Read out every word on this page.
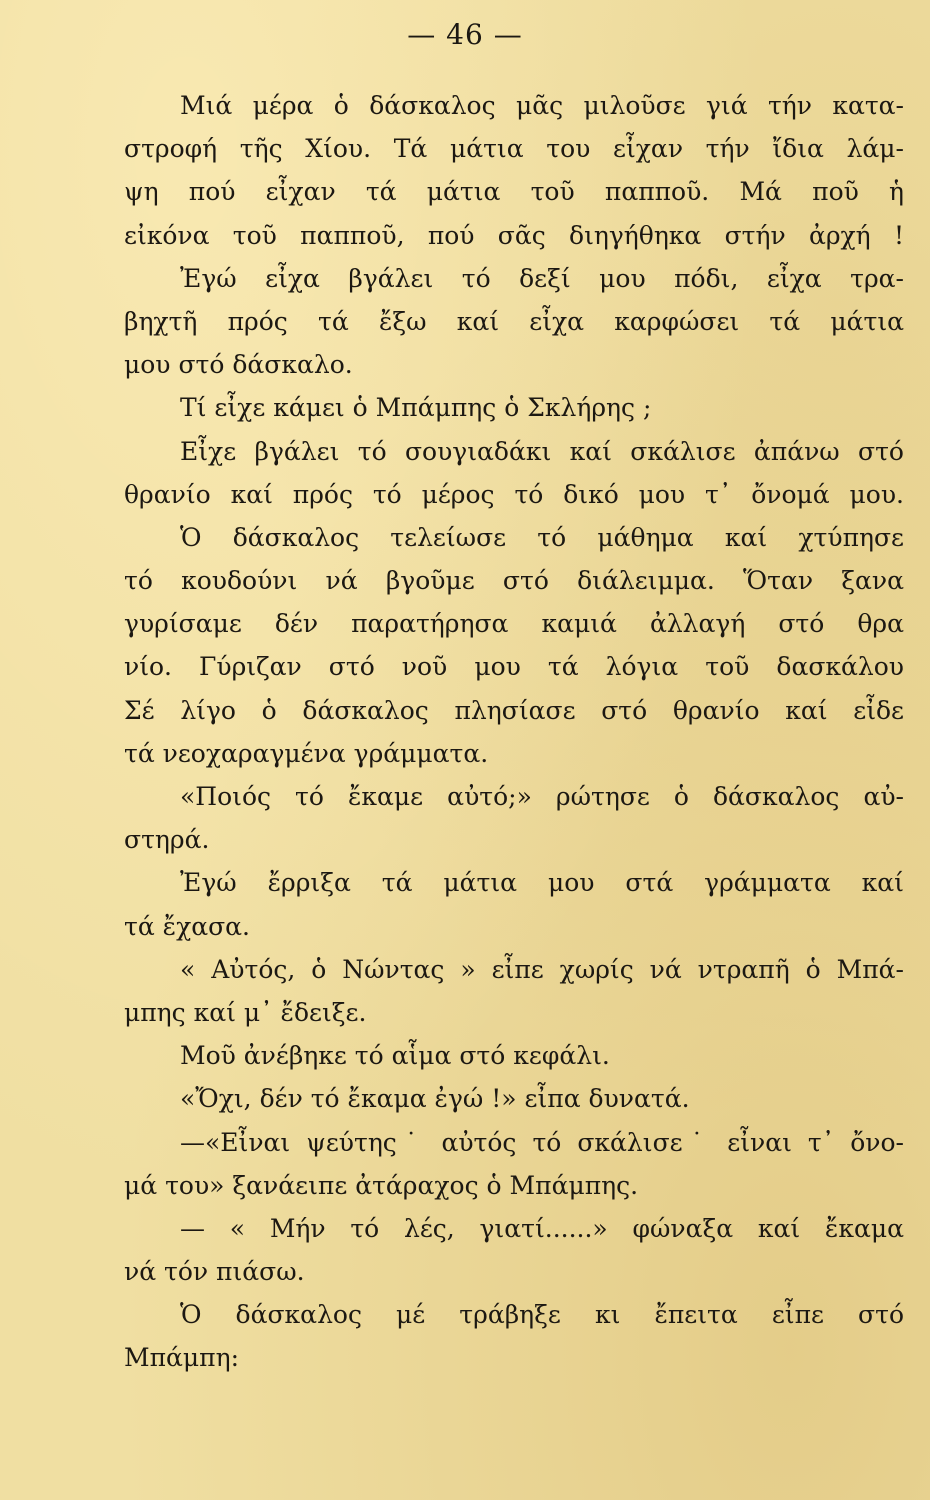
— 46 —
Μιά μέρα ὁ δάσκαλος μᾶς μιλοῦσε γιά τήν κατα-
στροφή τῆς Χίου. Τά μάτια του εἶχαν τήν ἴδια λάμ-
ψη πού εἶχαν τά μάτια τοῦ παπποῦ. Μά ποῦ ἡ
εἰκόνα τοῦ παπποῦ, πού σᾶς διηγήθηκα στήν ἀρχή !
Ἐγώ εἶχα βγάλει τό δεξί μου πόδι, εἶχα τρα-
βηχτῆ πρός τά ἔξω καί εἶχα καρφώσει τά μάτια
μου στό δάσκαλο.
Τί εἶχε κάμει ὁ Μπάμπης ὁ Σκλήρης ;
Εἶχε βγάλει τό σουγιαδάκι καί σκάλισε ἀπάνω στό
θρανίο καί πρός τό μέρος τό δικό μου τ᾽ ὄνομά μου.
Ὁ δάσκαλος τελείωσε τό μάθημα καί χτύπησε
τό κουδούνι νά βγοῦμε στό διάλειμμα. Ὅταν ξανα
γυρίσαμε δέν παρατήρησα καμιά ἀλλαγή στό θρα
νίο. Γύριζαν στό νοῦ μου τά λόγια τοῦ δασκάλου
Σέ λίγο ὁ δάσκαλος πλησίασε στό θρανίο καί εἶδε
τά νεοχαραγμένα γράμματα.
«Ποιός τό ἔκαμε αὐτό;» ρώτησε ὁ δάσκαλος αὐ-
στηρά.
Ἐγώ ἔρριξα τά μάτια μου στά γράμματα καί
τά ἔχασα.
« Αὐτός, ὁ Νώντας » εἶπε χωρίς νά ντραπῆ ὁ Μπά-
μπης καί μ᾽ ἔδειξε.
Μοῦ ἀνέβηκε τό αἷμα στό κεφάλι.
«Ὄχι, δέν τό ἔκαμα ἐγώ !» εἶπα δυνατά.
—«Εἶναι ψεύτης˙ αὐτός τό σκάλισε˙ εἶναι τ᾽ ὄνο-
μά του» ξανάειπε ἀτάραχος ὁ Μπάμπης.
— « Μήν τό λές, γιατί......» φώναξα καί ἔκαμα
νά τόν πιάσω.
Ὁ δάσκαλος μέ τράβηξε κι ἔπειτα εἶπε στό
Μπάμπη:
